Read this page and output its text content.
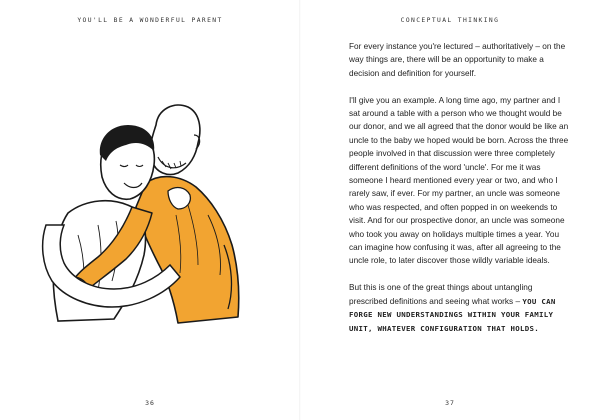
YOU'LL BE A WONDERFUL PARENT
36
CONCEPTUAL THINKING
37

For every instance you're lectured – authoritatively – on the way things are, there will be an opportunity to make a decision and definition for yourself.

I'll give you an example. A long time ago, my partner and I sat around a table with a person who we thought would be our donor, and we all agreed that the donor would be like an uncle to the baby we hoped would be born. Across the three people involved in that discussion were three completely different definitions of the word 'uncle'. For me it was someone I heard mentioned every year or two, and who I rarely saw, if ever. For my partner, an uncle was someone who was respected, and often popped in on weekends to visit. And for our prospective donor, an uncle was someone who took you away on holidays multiple times a year. You can imagine how confusing it was, after all agreeing to the uncle role, to later discover those wildly variable ideals.

But this is one of the great things about untangling prescribed definitions and seeing what works – YOU CAN FORGE NEW UNDERSTANDINGS WITHIN YOUR FAMILY UNIT, WHATEVER CONFIGURATION THAT HOLDS.
